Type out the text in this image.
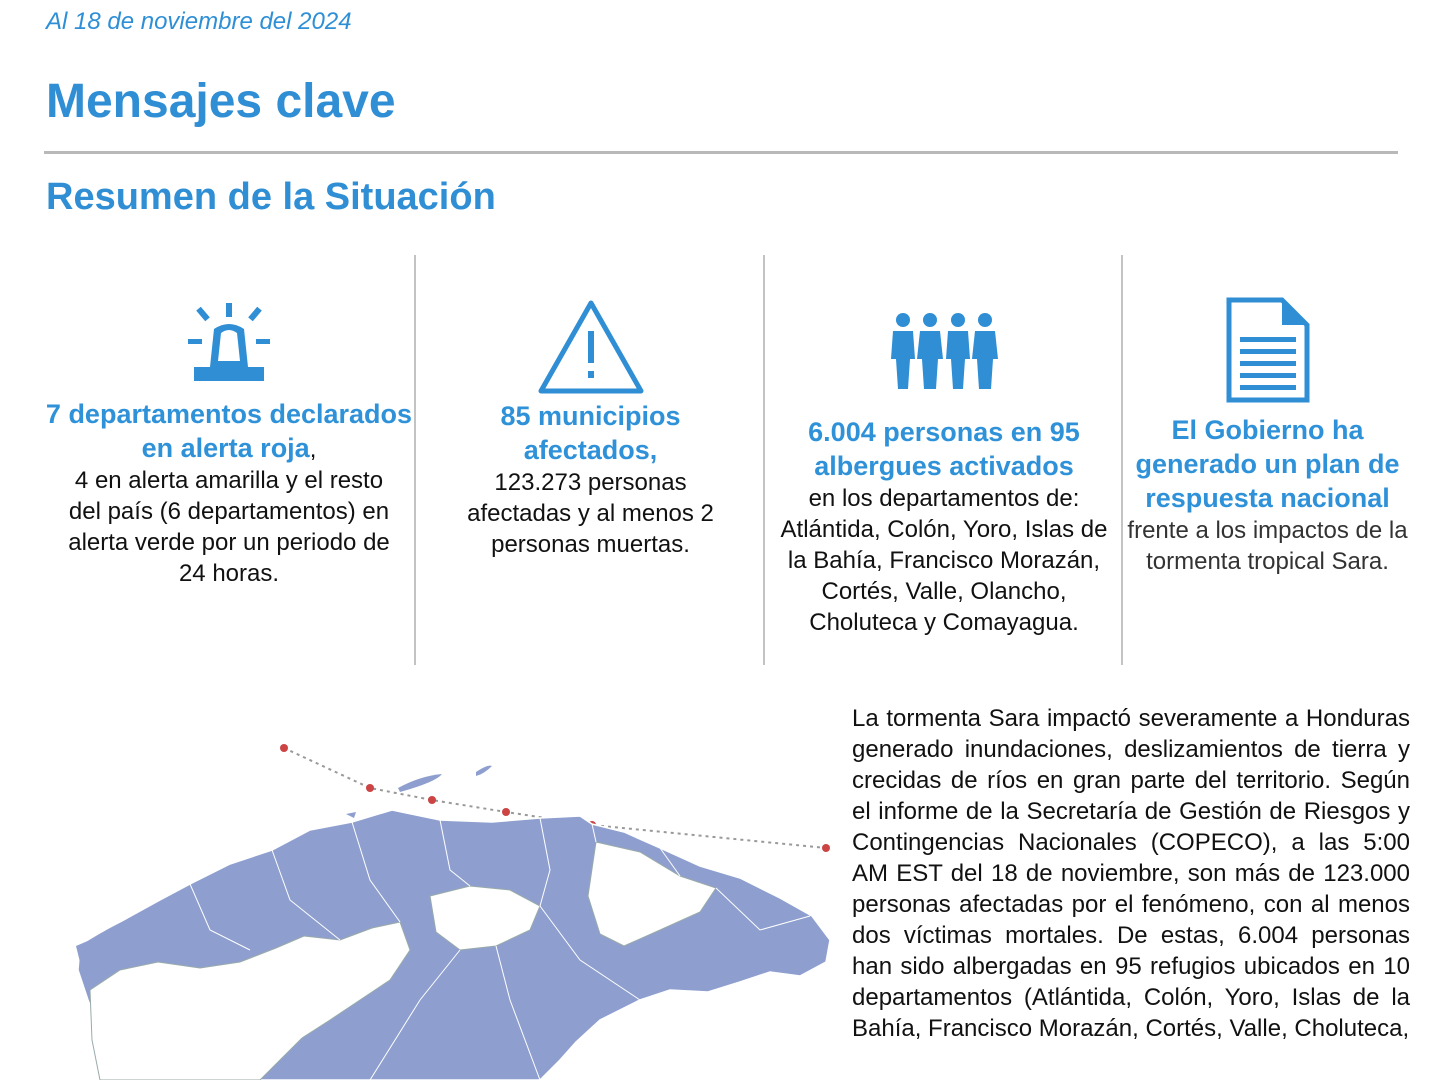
Al 18 de noviembre del 2024
Mensajes clave
Resumen de la Situación
7 departamentos declarados en alerta roja,
4 en alerta amarilla y el resto del país (6 departamentos) en alerta verde por un periodo de 24 horas.
85 municipios afectados,
123.273 personas afectadas y al menos 2 personas muertas.
6.004 personas en 95 albergues activados
en los departamentos de: Atlántida, Colón, Yoro, Islas de la Bahía, Francisco Morazán, Cortés, Valle, Olancho, Choluteca y Comayagua.
El Gobierno ha generado un plan de respuesta nacional frente a los impactos de la tormenta tropical Sara.
La tormenta Sara impactó severamente a Honduras generado inundaciones, deslizamientos de tierra y crecidas de ríos en gran parte del territorio. Según el informe de la Secretaría de Gestión de Riesgos y Contingencias Nacionales (COPECO), a las 5:00 AM EST del 18 de noviembre, son más de 123.000 personas afectadas por el fenómeno, con al menos dos víctimas mortales. De estas, 6.004 personas han sido albergadas en 95 refugios ubicados en 10 departamentos (Atlántida, Colón, Yoro, Islas de la Bahía, Francisco Morazán, Cortés, Valle, Choluteca,
